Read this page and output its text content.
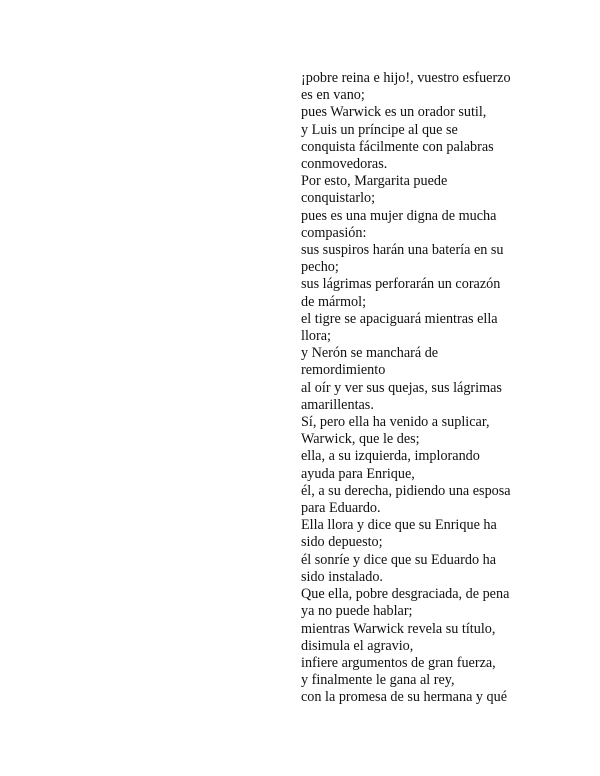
¡pobre reina e hijo!, vuestro esfuerzo
es en vano;
pues Warwick es un orador sutil,
y Luis un príncipe al que se
conquista fácilmente con palabras
conmovedoras.
Por esto, Margarita puede
conquistarlo;
pues es una mujer digna de mucha
compasión:
sus suspiros harán una batería en su
pecho;
sus lágrimas perforarán un corazón
de mármol;
el tigre se apaciguará mientras ella
llora;
y Nerón se manchará de
remordimiento
al oír y ver sus quejas, sus lágrimas
amarillentas.
Sí, pero ella ha venido a suplicar,
Warwick, que le des;
ella, a su izquierda, implorando
ayuda para Enrique,
él, a su derecha, pidiendo una esposa
para Eduardo.
Ella llora y dice que su Enrique ha
sido depuesto;
él sonríe y dice que su Eduardo ha
sido instalado.
Que ella, pobre desgraciada, de pena
ya no puede hablar;
mientras Warwick revela su título,
disimula el agravio,
infiere argumentos de gran fuerza,
y finalmente le gana al rey,
con la promesa de su hermana y qué
